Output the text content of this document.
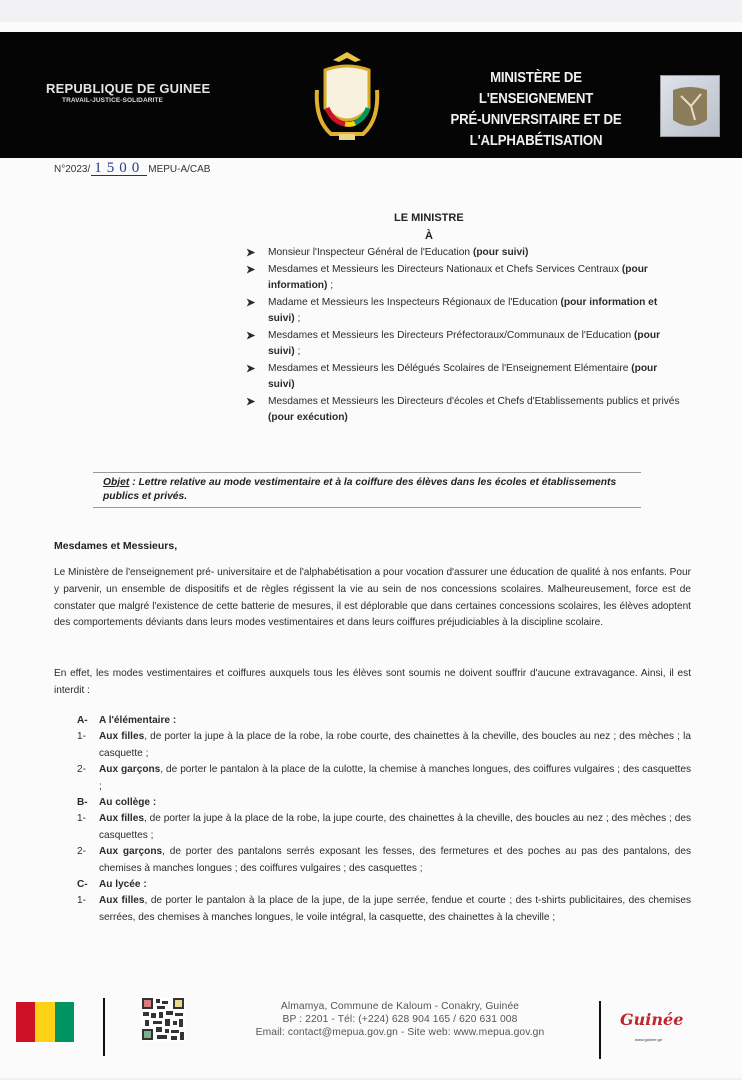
REPUBLIQUE DE GUINEE
TRAVAIL-JUSTICE-SOLIDARITE
MINISTÈRE DE L'ENSEIGNEMENT
PRÉ-UNIVERSITAIRE ET DE
L'ALPHABÉTISATION
N°2023/ 1500 MEPU-A/CAB
LE MINISTRE
À
➤ Monsieur l'Inspecteur Général de l'Education (pour suivi)
➤ Mesdames et Messieurs les Directeurs Nationaux et Chefs Services Centraux (pour information) ;
➤ Madame et Messieurs les Inspecteurs Régionaux de l'Education (pour information et suivi) ;
➤ Mesdames et Messieurs les Directeurs Préfectoraux/Communaux de l'Education (pour suivi) ;
➤ Mesdames et Messieurs les Délégués Scolaires de l'Enseignement Elémentaire (pour suivi)
➤ Mesdames et Messieurs les Directeurs d'écoles et Chefs d'Etablissements publics et privés (pour exécution)
Objet : Lettre relative au mode vestimentaire et à la coiffure des élèves dans les écoles et établissements publics et privés.
Mesdames et Messieurs,

Le Ministère de l'enseignement pré- universitaire et de l'alphabétisation a pour vocation d'assurer une éducation de qualité à nos enfants. Pour y parvenir, un ensemble de dispositifs et de règles régissent la vie au sein de nos concessions scolaires. Malheureusement, force est de constater que malgré l'existence de cette batterie de mesures, il est déplorable que dans certaines concessions scolaires, les élèves adoptent des comportements déviants dans leurs modes vestimentaires et dans leurs coiffures préjudiciables à la discipline scolaire.

En effet, les modes vestimentaires et coiffures auxquels tous les élèves sont soumis ne doivent souffrir d'aucune extravagance. Ainsi, il est interdit :

A-	A l'élémentaire :
1-	Aux filles, de porter la jupe à la place de la robe, la robe courte, des chainettes à la cheville, des boucles au nez ; des mèches ; la casquette ;
2-	Aux garçons, de porter le pantalon à la place de la culotte, la chemise à manches longues, des coiffures vulgaires ; des casquettes ;
B-	Au collège :
1-	Aux filles, de porter la jupe à la place de la robe, la jupe courte, des chainettes à la cheville, des boucles au nez ; des mèches ; des casquettes ;
2-	Aux garçons, de porter des pantalons serrés exposant les fesses, des fermetures et des poches au pas des pantalons, des chemises à manches longues ; des coiffures vulgaires ; des casquettes ;
C-	Au lycée :
1-	Aux filles, de porter le pantalon à la place de la jupe, de la jupe serrée, fendue et courte ; des t-shirts publicitaires, des chemises serrées, des chemises à manches longues, le voile intégral, la casquette, des chainettes à la cheville ;
Almamya, Commune de Kaloum - Conakry, Guinée
BP : 2201 - Tél: (+224) 628 904 165 / 620 631 008
Email: contact@mepua.gov.gn - Site web: www.mepua.gov.gn
Guinée
www.guinee.gn
